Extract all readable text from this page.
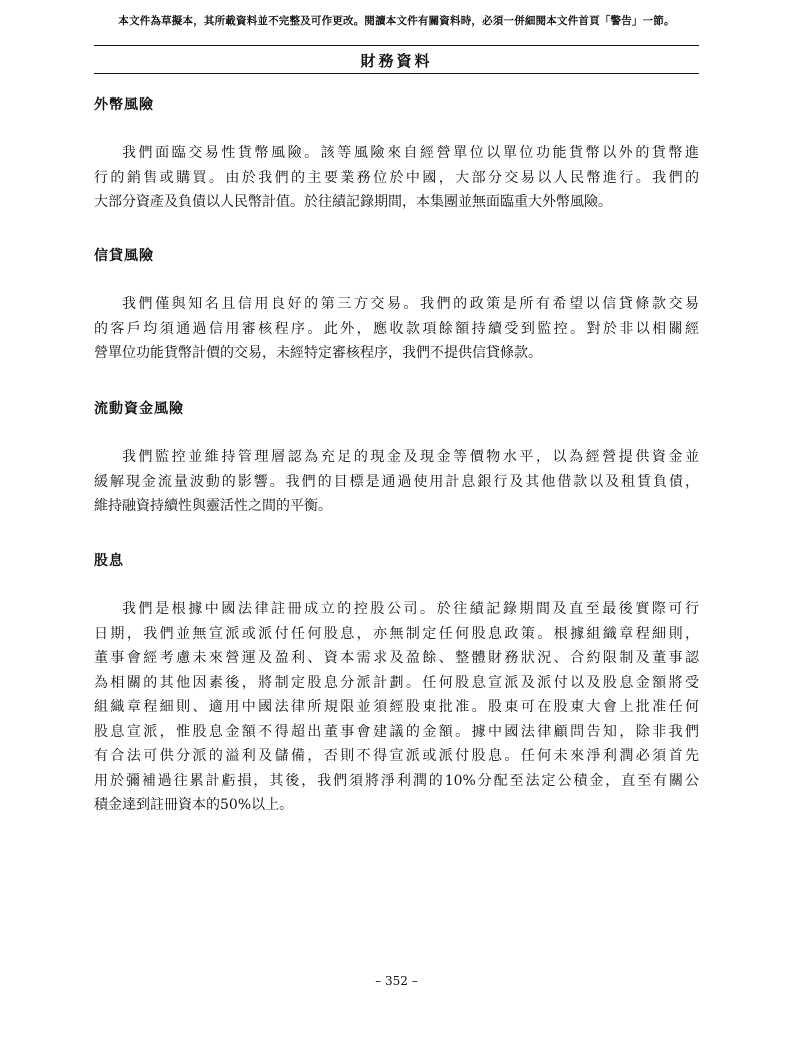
本文件為草擬本，其所載資料並不完整及可作更改。閱讀本文件有關資料時，必須一併細閱本文件首頁「警告」一節。
財務資料
外幣風險
我們面臨交易性貨幣風險。該等風險來自經營單位以單位功能貨幣以外的貨幣進
行的銷售或購買。由於我們的主要業務位於中國，大部分交易以人民幣進行。我們的
大部分資產及負債以人民幣計值。於往績記錄期間，本集團並無面臨重大外幣風險。
信貸風險
我們僅與知名且信用良好的第三方交易。我們的政策是所有希望以信貸條款交易
的客戶均須通過信用審核程序。此外，應收款項餘額持續受到監控。對於非以相關經
營單位功能貨幣計價的交易，未經特定審核程序，我們不提供信貸條款。
流動資金風險
我們監控並維持管理層認為充足的現金及現金等價物水平，以為經營提供資金並
緩解現金流量波動的影響。我們的目標是通過使用計息銀行及其他借款以及租賃負債，
維持融資持續性與靈活性之間的平衡。
股息
我們是根據中國法律註冊成立的控股公司。於往績記錄期間及直至最後實際可行
日期，我們並無宣派或派付任何股息，亦無制定任何股息政策。根據組織章程細則，
董事會經考慮未來營運及盈利、資本需求及盈餘、整體財務狀況、合約限制及董事認
為相關的其他因素後，將制定股息分派計劃。任何股息宣派及派付以及股息金額將受
組織章程細則、適用中國法律所規限並須經股東批准。股東可在股東大會上批准任何
股息宣派，惟股息金額不得超出董事會建議的金額。據中國法律顧問告知，除非我們
有合法可供分派的溢利及儲備，否則不得宣派或派付股息。任何未來淨利潤必須首先
用於彌補過往累計虧損，其後，我們須將淨利潤的10%分配至法定公積金，直至有關公
積金達到註冊資本的50%以上。
– 352 –
